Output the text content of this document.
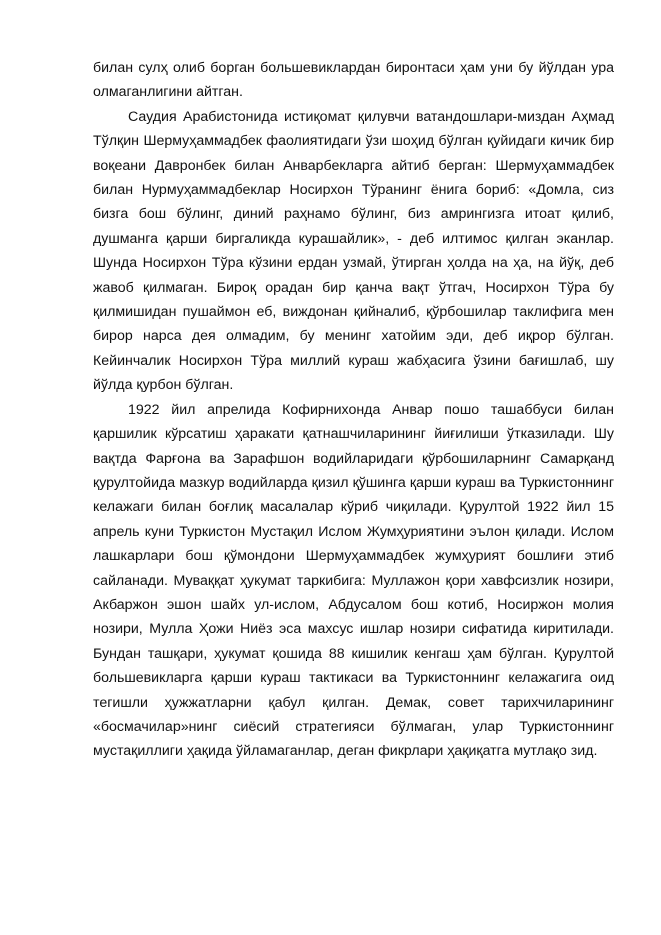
билан сулҳ олиб борган большевиклардан биронтаси ҳам уни бу йўлдан ура олмаганлигини айтган.

Саудия Арабистонида истиқомат қилувчи ватандошлари-миздан Аҳмад Тўлқин Шермуҳаммадбек фаолиятидаги ўзи шоҳид бўлган қуйидаги кичик бир воқеани Давронбек билан Анварбекларга айтиб берган: Шермуҳаммадбек билан Нурмуҳаммадбеклар Носирхон Тўранинг ёнига бориб: «Домла, сиз бизга бош бўлинг, диний раҳнамо бўлинг, биз амрингизга итоат қилиб, душманга қарши биргаликда курашайлик», - деб илтимос қилган эканлар. Шунда Носирхон Тўра кўзини ердан узмай, ўтирган ҳолда на ҳа, на йўқ, деб жавоб қилмаган. Бироқ орадан бир қанча вақт ўтгач, Носирхон Тўра бу қилмишидан пушаймон еб, виждонан қийналиб, қўрбошилар таклифига мен бирор нарса дея олмадим, бу менинг хатойим эди, деб иқрор бўлган. Кейинчалик Носирхон Тўра миллий кураш жабҳасига ўзини бағишлаб, шу йўлда қурбон бўлган.

1922 йил апрелида Кофирнихонда Анвар пошо ташаббуси билан қаршилик кўрсатиш ҳаракати қатнашчиларининг йиғилиши ўтказилади. Шу вақтда Фарғона ва Зарафшон водийларидаги қўрбошиларнинг Самарқанд қурултойида мазкур водийларда қизил қўшинга қарши кураш ва Туркистоннинг келажаги билан боғлиқ масалалар кўриб чиқилади. Қурултой 1922 йил 15 апрель куни Туркистон Мустақил Ислом Жумҳуриятини эълон қилади. Ислом лашкарлари бош қўмондони Шермуҳаммадбек жумҳурият бошлиғи этиб сайланади. Муваққат ҳукумат таркибига: Муллажон қори хавфсизлик нозири, Акбаржон эшон шайх ул-ислом, Абдусалом бош котиб, Носиржон молия нозири, Мулла Ҳожи Ниёз эса махсус ишлар нозири сифатида киритилади. Бундан ташқари, ҳукумат қошида 88 кишилик кенгаш ҳам бўлган. Қурултой большевикларга қарши кураш тактикаси ва Туркистоннинг келажагига оид тегишли ҳужжатларни қабул қилган. Демак, совет тарихчиларининг «босмачилар»нинг сиёсий стратегияси бўлмаган, улар Туркистоннинг мустақиллиги ҳақида ўйламаганлар, деган фикрлари ҳақиқатга мутлақо зид.
